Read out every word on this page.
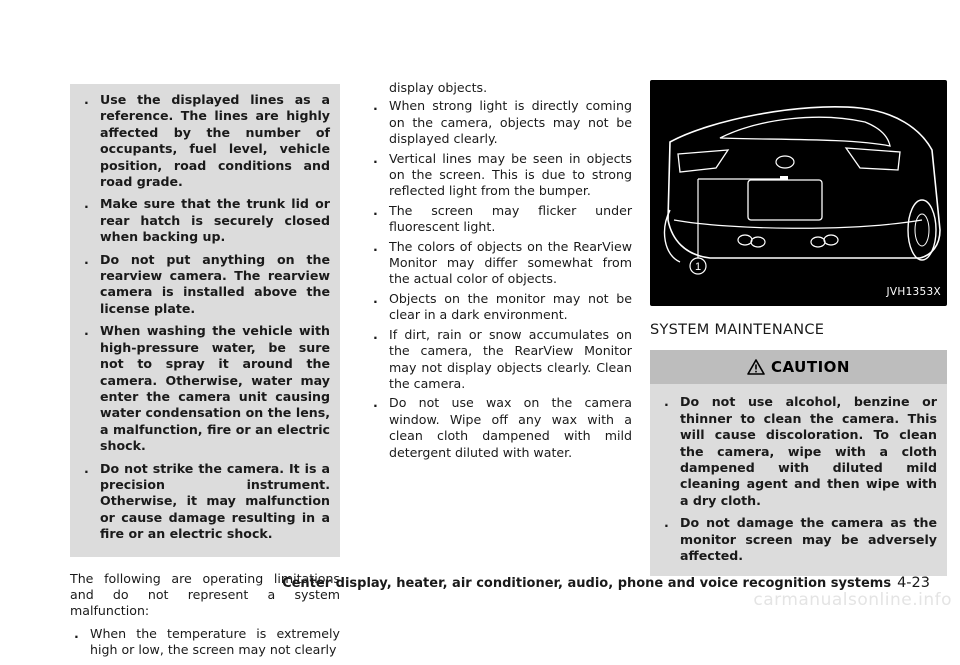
. Use the displayed lines as a reference. The lines are highly affected by the number of occupants, fuel level, vehicle position, road conditions and road grade.
. Make sure that the trunk lid or rear hatch is securely closed when backing up.
. Do not put anything on the rearview camera. The rearview camera is installed above the license plate.
. When washing the vehicle with high-pressure water, be sure not to spray it around the camera. Otherwise, water may enter the camera unit causing water condensation on the lens, a malfunction, fire or an electric shock.
. Do not strike the camera. It is a precision instrument. Otherwise, it may malfunction or cause damage resulting in a fire or an electric shock.

The following are operating limitations and do not represent a system malfunction:

. When the temperature is extremely high or low, the screen may not clearly

display objects.

. When strong light is directly coming on the camera, objects may not be displayed clearly.
. Vertical lines may be seen in objects on the screen. This is due to strong reflected light from the bumper.
. The screen may flicker under fluorescent light.
. The colors of objects on the RearView Monitor may differ somewhat from the actual color of objects.
. Objects on the monitor may not be clear in a dark environment.
. If dirt, rain or snow accumulates on the camera, the RearView Monitor may not display objects clearly. Clean the camera.
. Do not use wax on the camera window. Wipe off any wax with a clean cloth dampened with mild detergent diluted with water.
1
JVH1353X
SYSTEM MAINTENANCE
CAUTION
. Do not use alcohol, benzine or thinner to clean the camera. This will cause discoloration. To clean the camera, wipe with a cloth dampened with diluted mild cleaning agent and then wipe with a dry cloth.
. Do not damage the camera as the monitor screen may be adversely affected.
Center display, heater, air conditioner, audio, phone and voice recognition systems 4-23
carmanualsonline.info
